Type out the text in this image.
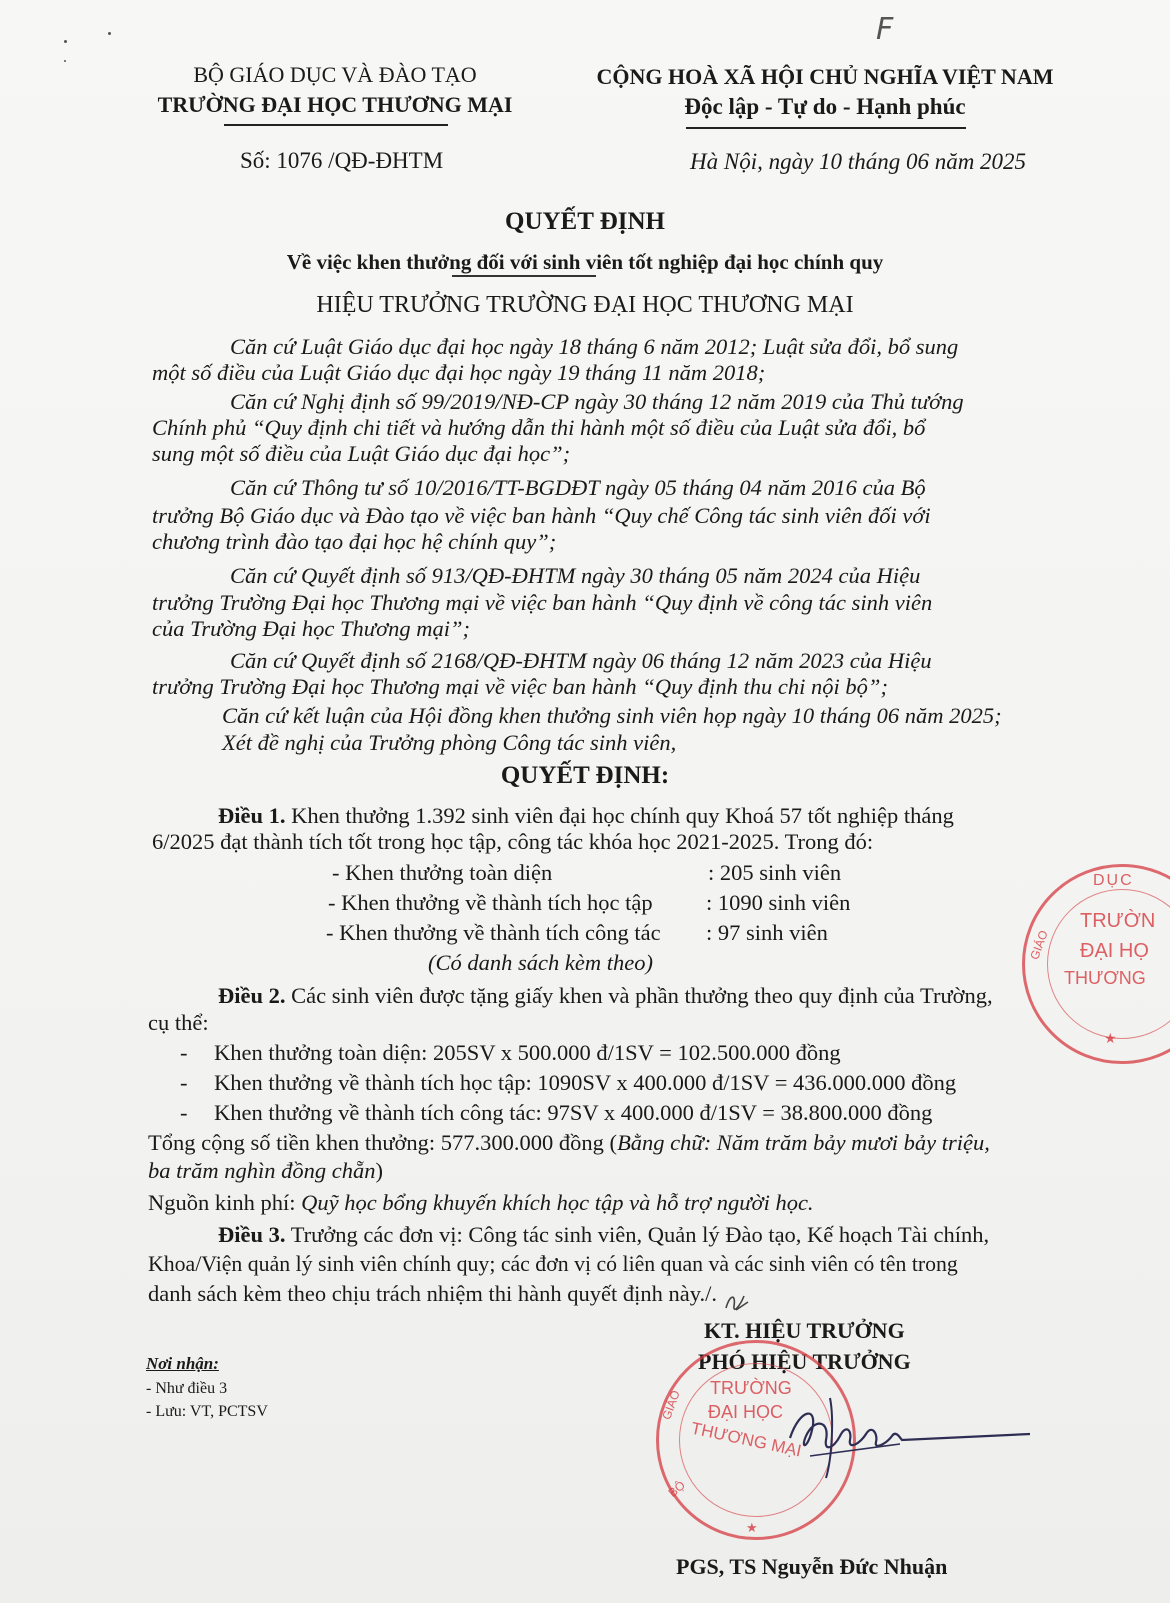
F
BỘ GIÁO DỤC VÀ ĐÀO TẠO
TRƯỜNG ĐẠI HỌC THƯƠNG MẠI
Số: 1076 /QĐ-ĐHTM
CỘNG HOÀ XÃ HỘI CHỦ NGHĨA VIỆT NAM
Độc lập - Tự do - Hạnh phúc
Hà Nội, ngày 10 tháng 06 năm 2025
QUYẾT ĐỊNH
Về việc khen thưởng đối với sinh viên tốt nghiệp đại học chính quy
HIỆU TRƯỞNG TRƯỜNG ĐẠI HỌC THƯƠNG MẠI
Căn cứ Luật Giáo dục đại học ngày 18 tháng 6 năm 2012; Luật sửa đổi, bổ sung
một số điều của Luật Giáo dục đại học ngày 19 tháng 11 năm 2018;
Căn cứ Nghị định số 99/2019/NĐ-CP ngày 30 tháng 12 năm 2019 của Thủ tướng
Chính phủ “Quy định chi tiết và hướng dẫn thi hành một số điều của Luật sửa đổi, bổ
sung một số điều của Luật Giáo dục đại học”;
Căn cứ Thông tư số 10/2016/TT-BGDĐT ngày 05 tháng 04 năm 2016 của Bộ
trưởng Bộ Giáo dục và Đào tạo về việc ban hành “Quy chế Công tác sinh viên đối với
chương trình đào tạo đại học hệ chính quy”;
Căn cứ Quyết định số 913/QĐ-ĐHTM ngày 30 tháng 05 năm 2024 của Hiệu
trưởng Trường Đại học Thương mại về việc ban hành “Quy định về công tác sinh viên
của Trường Đại học Thương mại”;
Căn cứ Quyết định số 2168/QĐ-ĐHTM ngày 06 tháng 12 năm 2023 của Hiệu
trưởng Trường Đại học Thương mại về việc ban hành “Quy định thu chi nội bộ”;
Căn cứ kết luận của Hội đồng khen thưởng sinh viên họp ngày 10 tháng 06 năm 2025;
Xét đề nghị của Trưởng phòng Công tác sinh viên,
QUYẾT ĐỊNH:
Điều 1. Khen thưởng 1.392 sinh viên đại học chính quy Khoá 57 tốt nghiệp tháng
6/2025 đạt thành tích tốt trong học tập, công tác khóa học 2021-2025. Trong đó:
- Khen thưởng toàn diện	: 205 sinh viên
- Khen thưởng về thành tích học tập : 1090 sinh viên
- Khen thưởng về thành tích công tác : 97 sinh viên
(Có danh sách kèm theo)
Điều 2. Các sinh viên được tặng giấy khen và phần thưởng theo quy định của Trường,
cụ thể:
- Khen thưởng toàn diện: 205SV x 500.000 đ/1SV = 102.500.000 đồng
- Khen thưởng về thành tích học tập: 1090SV x 400.000 đ/1SV = 436.000.000 đồng
- Khen thưởng về thành tích công tác: 97SV x 400.000 đ/1SV = 38.800.000 đồng
Tổng cộng số tiền khen thưởng: 577.300.000 đồng (Bằng chữ: Năm trăm bảy mươi bảy triệu,
ba trăm nghìn đồng chẵn)
Nguồn kinh phí: Quỹ học bổng khuyến khích học tập và hỗ trợ người học.
Điều 3. Trưởng các đơn vị: Công tác sinh viên, Quản lý Đào tạo, Kế hoạch Tài chính,
Khoa/Viện quản lý sinh viên chính quy; các đơn vị có liên quan và các sinh viên có tên trong
danh sách kèm theo chịu trách nhiệm thi hành quyết định này./.
Nơi nhận:
- Như điều 3
- Lưu: VT, PCTSV
KT. HIỆU TRƯỞNG
PHÓ HIỆU TRƯỞNG
PGS, TS Nguyễn Đức Nhuận
DỤC
GIÁO
TRƯỜN
ĐẠI HỌ
THƯƠNG
★
TRƯỜNG
ĐẠI HỌC
THƯƠNG MẠI
GIÁO
BỘ
★
